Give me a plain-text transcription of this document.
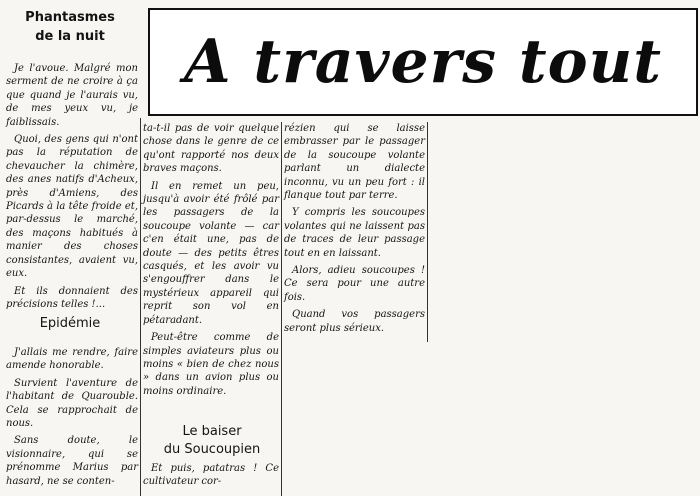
Phantasmes
de la nuit

Je l'avoue. Malgré mon serment de ne croire à ça que quand je l'aurais vu, de mes yeux vu, je faiblissais.

Quoi, des gens qui n'ont pas la réputation de chevaucher la chimère, des anes natifs d'Acheux, près d'Amiens, des Picards à la tête froide et, par-dessus le marché, des maçons habitués à manier des choses consistantes, avaient vu, eux.

Et ils donnaient des précisions telles !...

Epidémie

J'allais me rendre, faire amende honorable.

Survient l'aventure de l'habitant de Quarouble. Cela se rapprochait de nous.

Sans doute, le visionnaire, qui se prénomme Marius par hasard, ne se conten-

A travers tout

ta-t-il pas de voir quelque chose dans le genre de ce qu'ont rapporté nos deux braves maçons.

Il en remet un peu, jusqu'à avoir été frôlé par les passagers de la soucoupe volante — car c'en était une, pas de doute — des petits êtres casqués, et les avoir vu s'engouffrer dans le mystérieux appareil qui reprit son vol en pétaradant.

Peut-être comme de simples aviateurs plus ou moins « bien de chez nous » dans un avion plus ou moins ordinaire.

Le baiser
du Soucoupien

Et puis, patatras ! Ce cultivateur cor-

rézien qui se laisse embrasser par le passager de la soucoupe volante parlant un dialecte inconnu, vu un peu fort : il flanque tout par terre.

Y compris les soucoupes volantes qui ne laissent pas de traces de leur passage tout en en laissant.

Alors, adieu soucoupes ! Ce sera pour une autre fois.

Quand vos passagers seront plus sérieux.
